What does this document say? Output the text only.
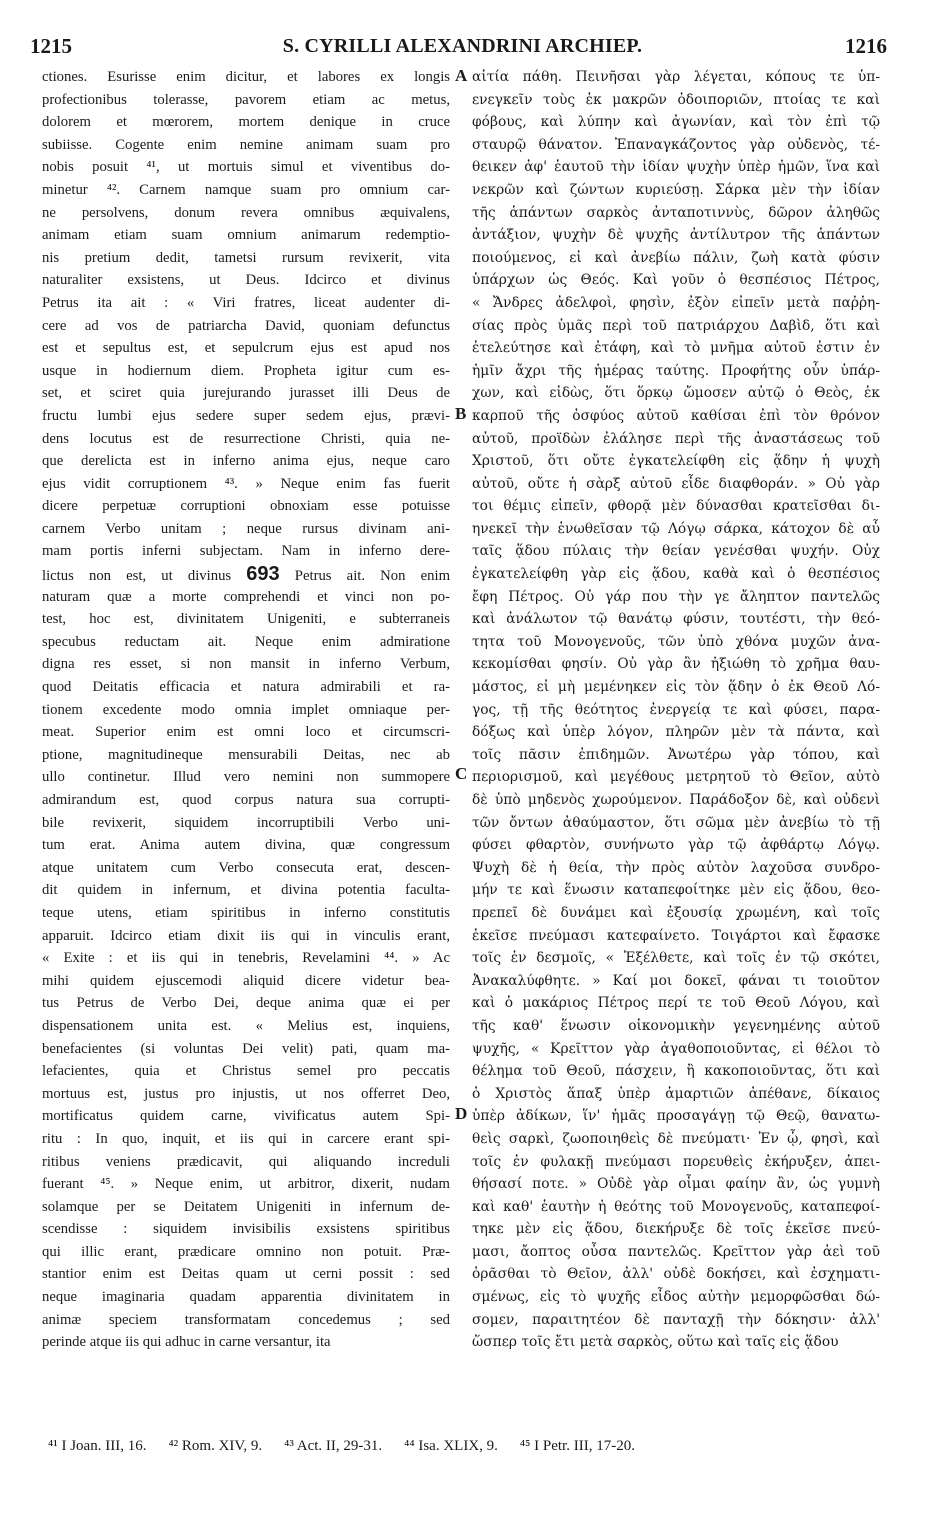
1215	S. CYRILLI ALEXANDRINI ARCHIEP.	1216
ctiones. Esurisse enim dicitur, et labores ex longis
profectionibus tolerasse, pavorem etiam ac metus,
dolorem et mœrorem, mortem denique in cruce
subiisse. Cogente enim nemine animam suam pro
nobis posuit ⁴¹, ut mortuis simul et viventibus do-
minetur ⁴². Carnem namque suam pro omnium car-
ne persolvens, donum revera omnibus æquivalens,
animam etiam suam omnium animarum redemptio-
nis pretium dedit, tametsi rursum revixerit, vita
naturaliter exsistens, ut Deus. Idcirco et divinus
Petrus ita ait : « Viri fratres, liceat audenter di-
cere ad vos de patriarcha David, quoniam defunctus
est et sepultus est, et sepulcrum ejus est apud nos
usque in hodiernum diem. Propheta igitur cum es-
set, et sciret quia jurejurando jurasset illi Deus de
fructu lumbi ejus sedere super sedem ejus, prævi-
dens locutus est de resurrectione Christi, quia ne-
que derelicta est in inferno anima ejus, neque caro
ejus vidit corruptionem ⁴³. » Neque enim fas fuerit
dicere perpetuæ corruptioni obnoxiam esse potuisse
carnem Verbo unitam ; neque rursus divinam ani-
mam portis inferni subjectam. Nam in inferno dere-
lictus non est, ut divinus 693 Petrus ait. Non enim
naturam quæ a morte comprehendi et vinci non po-
test, hoc est, divinitatem Unigeniti, e subterraneis
specubus reductam ait. Neque enim admiratione
digna res esset, si non mansit in inferno Verbum,
quod Deitatis efficacia et natura admirabili et ra-
tionem excedente modo omnia implet omniaque per-
meat. Superior enim est omni loco et circumscri-
ptione, magnitudineque mensurabili Deitas, nec ab
ullo continetur. Illud vero nemini non summopere
admirandum est, quod corpus natura sua corrupti-
bile revixerit, siquidem incorruptibili Verbo uni-
tum erat. Anima autem divina, quæ congressum
atque unitatem cum Verbo consecuta erat, descen-
dit quidem in infernum, et divina potentia faculta-
teque utens, etiam spiritibus in inferno constitutis
apparuit. Idcirco etiam dixit iis qui in vinculis erant,
« Exite : et iis qui in tenebris, Revelamini ⁴⁴. » Ac
mihi quidem ejuscemodi aliquid dicere videtur bea-
tus Petrus de Verbo Dei, deque anima quæ ei per
dispensationem unita est. « Melius est, inquiens,
benefacientes (si voluntas Dei velit) pati, quam ma-
lefacientes, quia et Christus semel pro peccatis
mortuus est, justus pro injustis, ut nos offerret Deo,
mortificatus quidem carne, vivificatus autem Spi-
ritu : In quo, inquit, et iis qui in carcere erant spi-
ritibus veniens prædicavit, qui aliquando increduli
fuerant ⁴⁵. » Neque enim, ut arbitror, dixerit, nudam
solamque per se Deitatem Unigeniti in infernum de-
scendisse : siquidem invisibilis exsistens spiritibus
qui illic erant, prædicare omnino non potuit. Præ-
stantior enim est Deitas quam ut cerni possit : sed
neque imaginaria quadam apparentia divinitatem in
animæ speciem transformatam concedemus ; sed
perinde atque iis qui adhuc in carne versantur, ita
αἰτία πάθη. Πεινῆσαι γὰρ λέγεται, κόπους τε ὑπ-
ενεγκεῖν τοὺς ἐκ μακρῶν ὁδοιποριῶν, πτοίας τε καὶ
φόβους, καὶ λύπην καὶ ἀγωνίαν, καὶ τὸν ἐπὶ τῷ
σταυρῷ θάνατον. Ἐπαναγκάζοντος γὰρ οὐδενὸς, τέ-
θεικεν ἀφ' ἑαυτοῦ τὴν ἰδίαν ψυχὴν ὑπὲρ ἡμῶν, ἵνα καὶ
νεκρῶν καὶ ζώντων κυριεύσῃ. Σάρκα μὲν τὴν ἰδίαν
τῆς ἁπάντων σαρκὸς ἀνταποτιννὺς, δῶρον ἀληθῶς
ἀντάξιον, ψυχὴν δὲ ψυχῆς ἀντίλυτρον τῆς ἁπάντων
ποιούμενος, εἰ καὶ ἀνεβίω πάλιν, ζωὴ κατὰ φύσιν
ὑπάρχων ὡς Θεός. Καὶ γοῦν ὁ θεσπέσιος Πέτρος,
« Ἄνδρες ἀδελφοὶ, φησὶν, ἐξὸν εἰπεῖν μετὰ παῤῥη-
σίας πρὸς ὑμᾶς περὶ τοῦ πατριάρχου Δαβὶδ, ὅτι καὶ
ἐτελεύτησε καὶ ἐτάφη, καὶ τὸ μνῆμα αὐτοῦ ἐστιν ἐν
ἡμῖν ἄχρι τῆς ἡμέρας ταύτης. Προφήτης οὖν ὑπάρ-
χων, καὶ εἰδὼς, ὅτι ὅρκῳ ὤμοσεν αὐτῷ ὁ Θεὸς, ἐκ
καρποῦ τῆς ὀσφύος αὐτοῦ καθίσαι ἐπὶ τὸν θρόνον
αὐτοῦ, προϊδὼν ἐλάλησε περὶ τῆς ἀναστάσεως τοῦ
Χριστοῦ, ὅτι οὔτε ἐγκατελείφθη εἰς ᾅδην ἡ ψυχὴ
αὐτοῦ, οὔτε ἡ σὰρξ αὐτοῦ εἶδε διαφθοράν. » Οὐ γὰρ
τοι θέμις εἰπεῖν, φθορᾷ μὲν δύνασθαι κρατεῖσθαι δι-
ηνεκεῖ τὴν ἑνωθεῖσαν τῷ Λόγῳ σάρκα, κάτοχον δὲ αὖ
ταῖς ᾅδου πύλαις τὴν θείαν γενέσθαι ψυχήν. Οὐχ
ἐγκατελείφθη γὰρ εἰς ᾅδου, καθὰ καὶ ὁ θεσπέσιος
ἔφη Πέτρος. Οὐ γάρ που τὴν γε ἄληπτον παντελῶς
καὶ ἀνάλωτον τῷ θανάτῳ φύσιν, τουτέστι, τὴν θεό-
τητα τοῦ Μονογενοῦς, τῶν ὑπὸ χθόνα μυχῶν ἀνα-
κεκομίσθαι φησίν. Οὐ γὰρ ἂν ἠξιώθη τὸ χρῆμα θαυ-
μάστος, εἰ μὴ μεμένηκεν εἰς τὸν ᾅδην ὁ ἐκ Θεοῦ Λό-
γος, τῇ τῆς θεότητος ἐνεργείᾳ τε καὶ φύσει, παρα-
δόξως καὶ ὑπὲρ λόγον, πληρῶν μὲν τὰ πάντα, καὶ
τοῖς πᾶσιν ἐπιδημῶν. Ἀνωτέρω γὰρ τόπου, καὶ
περιορισμοῦ, καὶ μεγέθους μετρητοῦ τὸ Θεῖον, αὐτὸ
δὲ ὑπὸ μηδενὸς χωρούμενον. Παράδοξον δὲ, καὶ οὐδενὶ
τῶν ὄντων ἀθαύμαστον, ὅτι σῶμα μὲν ἀνεβίω τὸ τῇ
φύσει φθαρτὸν, συνήνωτο γὰρ τῷ ἀφθάρτῳ Λόγῳ.
Ψυχὴ δὲ ἡ θεία, τὴν πρὸς αὐτὸν λαχοῦσα συνδρο-
μήν τε καὶ ἕνωσιν καταπεφοίτηκε μὲν εἰς ᾅδου, θεο-
πρεπεῖ δὲ δυνάμει καὶ ἐξουσίᾳ χρωμένη, καὶ τοῖς
ἐκεῖσε πνεύμασι κατεφαίνετο. Τοιγάρτοι καὶ ἔφασκε
τοῖς ἐν δεσμοῖς, « Ἐξέλθετε, καὶ τοῖς ἐν τῷ σκότει,
Ἀνακαλύφθητε. » Καί μοι δοκεῖ, φάναι τι τοιοῦτον
καὶ ὁ μακάριος Πέτρος περί τε τοῦ Θεοῦ Λόγου, καὶ
τῆς καθ' ἕνωσιν οἰκονομικὴν γεγενημένης αὐτοῦ
ψυχῆς, « Κρεῖττον γὰρ ἀγαθοποιοῦντας, εἰ θέλοι τὸ
θέλημα τοῦ Θεοῦ, πάσχειν, ἢ κακοποιοῦντας, ὅτι καὶ
ὁ Χριστὸς ἅπαξ ὑπὲρ ἁμαρτιῶν ἀπέθανε, δίκαιος
ὑπὲρ ἀδίκων, ἵν' ἡμᾶς προσαγάγῃ τῷ Θεῷ, θανατω-
θεὶς σαρκὶ, ζωοποιηθεὶς δὲ πνεύματι· Ἐν ᾧ, φησὶ, καὶ
τοῖς ἐν φυλακῇ πνεύμασι πορευθεὶς ἐκήρυξεν, ἀπει-
θήσασί ποτε. » Οὐδὲ γὰρ οἶμαι φαίην ἂν, ὡς γυμνὴ
καὶ καθ' ἑαυτὴν ἡ θεότης τοῦ Μονογενοῦς, καταπεφοί-
τηκε μὲν εἰς ᾅδου, διεκήρυξε δὲ τοῖς ἐκεῖσε πνεύ-
μασι, ἄοπτος οὖσα παντελῶς. Κρεῖττον γὰρ ἀεὶ τοῦ
ὁρᾶσθαι τὸ Θεῖον, ἀλλ' οὐδὲ δοκήσει, καὶ ἐσχηματι-
σμένως, εἰς τὸ ψυχῆς εἶδος αὐτὴν μεμορφῶσθαι δώ-
σομεν, παραιτητέον δὲ πανταχῇ τὴν δόκησιν· ἀλλ'
ὥσπερ τοῖς ἔτι μετὰ σαρκὸς, οὕτω καὶ ταῖς εἰς ᾅδου
A
B
C
D
⁴¹ I Joan. III, 16. ⁴² Rom. XIV, 9. ⁴³ Act. II, 29-31. ⁴⁴ Isa. XLIX, 9. ⁴⁵ I Petr. III, 17-20.
